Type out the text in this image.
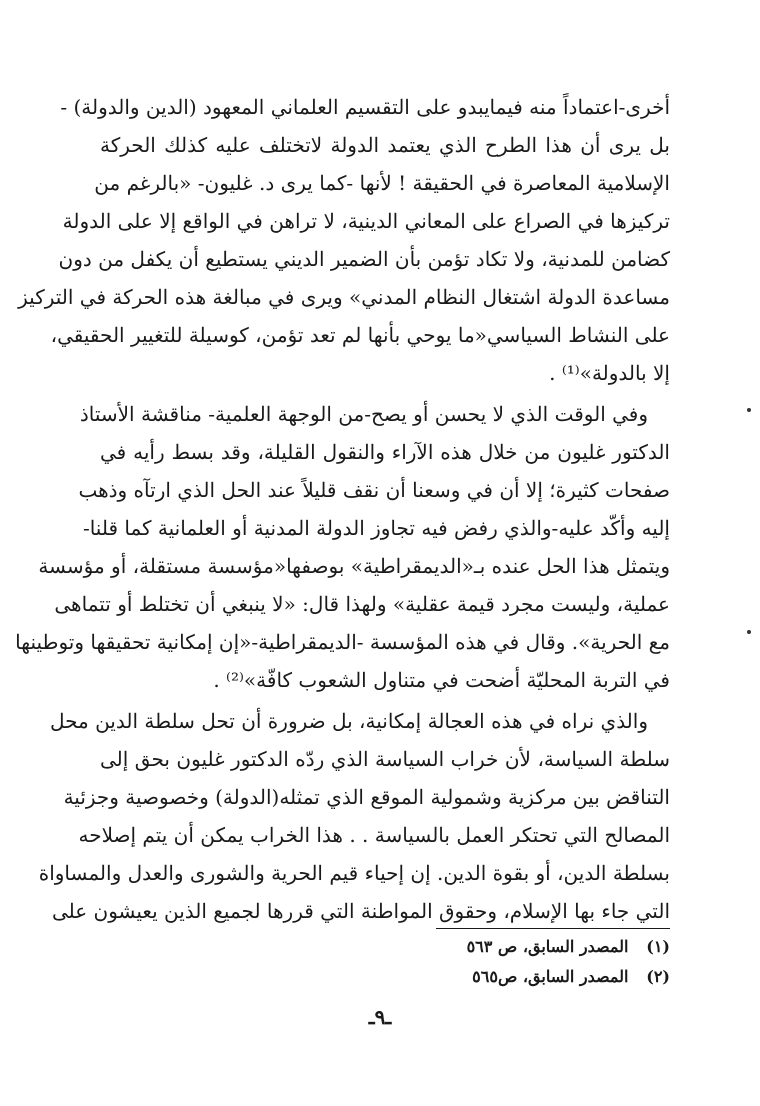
أخرى-اعتماداً منه فيمايبدو على التقسيم العلماني المعهود (الدين والدولة) -
بل يرى أن هذا الطرح الذي يعتمد الدولة لاتختلف عليه كذلك الحركة
الإسلامية المعاصرة في الحقيقة ! لأنها -كما يرى د. غليون- «بالرغم من
تركيزها في الصراع على المعاني الدينية، لا تراهن في الواقع إلا على الدولة
كضامن للمدنية، ولا تكاد تؤمن بأن الضمير الديني يستطيع أن يكفل من دون
مساعدة الدولة اشتغال النظام المدني» ويرى في مبالغة هذه الحركة في التركيز
على النشاط السياسي«ما يوحي بأنها لم تعد تؤمن، كوسيلة للتغيير الحقيقي،
إلا بالدولة»⁽¹⁾ .
وفي الوقت الذي لا يحسن أو يصح-من الوجهة العلمية- مناقشة الأستاذ
الدكتور غليون من خلال هذه الآراء والنقول القليلة، وقد بسط رأيه في
صفحات كثيرة؛ إلا أن في وسعنا أن نقف قليلاً عند الحل الذي ارتآه وذهب
إليه وأكّد عليه-والذي رفض فيه تجاوز الدولة المدنية أو العلمانية كما قلنا-
ويتمثل هذا الحل عنده بـ«الديمقراطية» بوصفها«مؤسسة مستقلة، أو مؤسسة
عملية، وليست مجرد قيمة عقلية» ولهذا قال: «لا ينبغي أن تختلط أو تتماهى
مع الحرية». وقال في هذه المؤسسة -الديمقراطية-«إن إمكانية تحقيقها وتوطينها
في التربة المحليّة أضحت في متناول الشعوب كافّة»⁽²⁾ .
والذي نراه في هذه العجالة إمكانية، بل ضرورة أن تحل سلطة الدين محل
سلطة السياسة، لأن خراب السياسة الذي ردّه الدكتور غليون بحق إلى
التناقض بين مركزية وشمولية الموقع الذي تمثله(الدولة) وخصوصية وجزئية
المصالح التي تحتكر العمل بالسياسة . . هذا الخراب يمكن أن يتم إصلاحه
بسلطة الدين، أو بقوة الدين. إن إحياء قيم الحرية والشورى والعدل والمساواة
التي جاء بها الإسلام، وحقوق المواطنة التي قررها لجميع الذين يعيشون على
(١) المصدر السابق، ص ٥٦٣
(٢) المصدر السابق، ص٥٦٥
ـ٩ـ
